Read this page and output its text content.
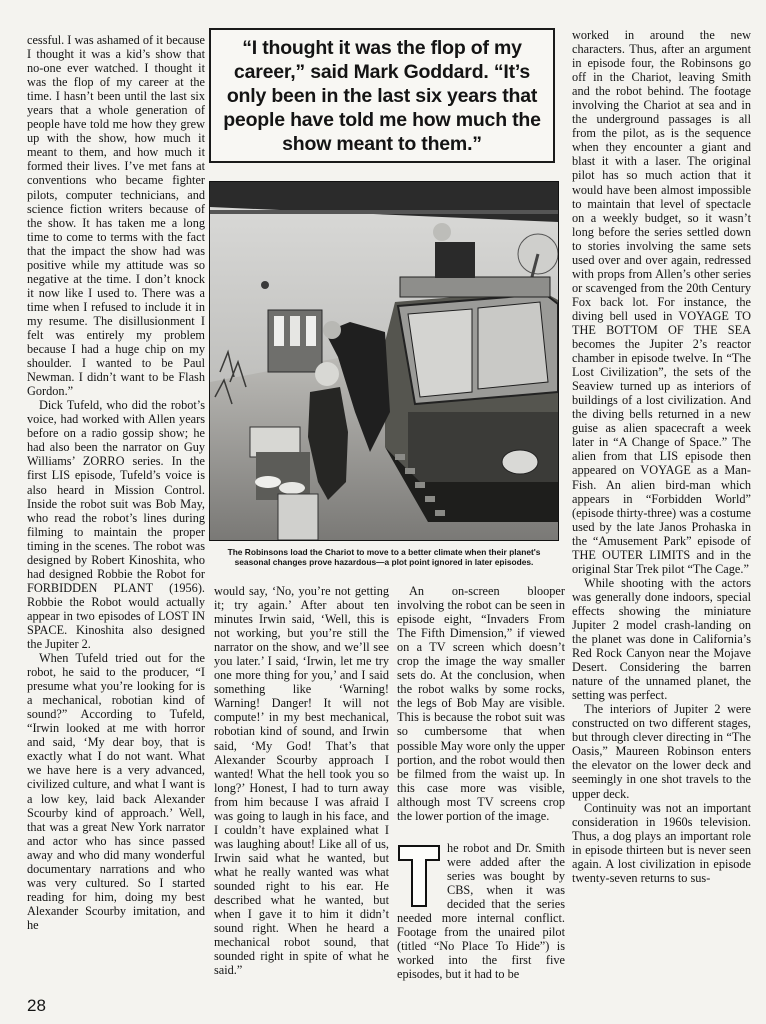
cessful. I was ashamed of it because I thought it was a kid’s show that no-one ever watched. I thought it was the flop of my career at the time. I hasn’t been until the last six years that a whole generation of people have told me how they grew up with the show, how much it meant to them, and how much it formed their lives. I’ve met fans at conventions who became fighter pilots, computer technicians, and science fiction writers because of the show. It has taken me a long time to come to terms with the fact that the impact the show had was positive while my attitude was so negative at the time. I don’t knock it now like I used to. There was a time when I refused to include it in my resume. The disillusionment I felt was entirely my problem because I had a huge chip on my shoulder. I wanted to be Paul Newman. I didn’t want to be Flash Gordon.”

Dick Tufeld, who did the robot’s voice, had worked with Allen years before on a radio gossip show; he had also been the narrator on Guy Williams’ ZORRO series. In the first LIS episode, Tufeld’s voice is also heard in Mission Control. Inside the robot suit was Bob May, who read the robot’s lines during filming to maintain the proper timing in the scenes. The robot was designed by Robert Kinoshita, who had designed Robbie the Robot for FORBIDDEN PLANT (1956). Robbie the Robot would actually appear in two episodes of LOST IN SPACE. Kinoshita also designed the Jupiter 2.

When Tufeld tried out for the robot, he said to the producer, “I presume what you’re looking for is a mechanical, robotian kind of sound?” According to Tufeld, “Irwin looked at me with horror and said, ‘My dear boy, that is exactly what I do not want. What we have here is a very advanced, civilized culture, and what I want is a low key, laid back Alexander Scourby kind of approach.’ Well, that was a great New York narrator and actor who has since passed away and who did many wonderful documentary narrations and who was very cultured. So I started reading for him, doing my best Alexander Scourby imitation, and he

“I thought it was the flop of my career,” said Mark Goddard. “It’s only been in the last six years that people have told me how much the show meant to them.”
The Robinsons load the Chariot to move to a better climate when their planet's seasonal changes prove hazardous—a plot point ignored in later episodes.

would say, ‘No, you’re not getting it; try again.’ After about ten minutes Irwin said, ‘Well, this is not working, but you’re still the narrator on the show, and we’ll see you later.’ I said, ‘Irwin, let me try one more thing for you,’ and I said something like ‘Warning! Warning! Danger! It will not compute!’ in my best mechanical, robotian kind of sound, and Irwin said, ‘My God! That’s that Alexander Scourby approach I wanted! What the hell took you so long?’ Honest, I had to turn away from him because I was afraid I was going to laugh in his face, and I couldn’t have explained what I was laughing about! Like all of us, Irwin said what he wanted, but what he really wanted was what sounded right to his ear. He described what he wanted, but when I gave it to him it didn’t sound right. When he heard a mechanical robot sound, that sounded right in spite of what he said.”

An on-screen blooper involving the robot can be seen in episode eight, “Invaders From The Fifth Dimension,” if viewed on a TV screen which doesn’t crop the image the way smaller sets do. At the conclusion, when the robot walks by some rocks, the legs of Bob May are visible. This is because the robot suit was so cumbersome that when possible May wore only the upper portion, and the robot would then be filmed from the waist up. In this case more was visible, although most TV screens crop the lower portion of the image.

T	he robot and Dr. Smith were added after the series was bought by CBS, when it was decided that the series needed more internal conflict. Footage from the unaired pilot (titled “No Place To Hide”) is worked into the first five episodes, but it had to be

worked in around the new characters. Thus, after an argument in episode four, the Robinsons go off in the Chariot, leaving Smith and the robot behind. The footage involving the Chariot at sea and in the underground passages is all from the pilot, as is the sequence when they encounter a giant and blast it with a laser. The original pilot has so much action that it would have been almost impossible to maintain that level of spectacle on a weekly budget, so it wasn’t long before the series settled down to stories involving the same sets used over and over again, redressed with props from Allen’s other series or scavenged from the 20th Century Fox back lot. For instance, the diving bell used in VOYAGE TO THE BOTTOM OF THE SEA becomes the Jupiter 2’s reactor chamber in episode twelve. In “The Lost Civilization”, the sets of the Seaview turned up as interiors of buildings of a lost civilization. And the diving bells returned in a new guise as alien spacecraft a week later in “A Change of Space.” The alien from that LIS episode then appeared on VOYAGE as a Man-Fish. An alien bird-man which appears in “Forbidden World” (episode thirty-three) was a costume used by the late Janos Prohaska in the “Amusement Park” episode of THE OUTER LIMITS and in the original Star Trek pilot “The Cage.”

While shooting with the actors was generally done indoors, special effects showing the miniature Jupiter 2 model crash-landing on the planet was done in California’s Red Rock Canyon near the Mojave Desert. Considering the barren nature of the unnamed planet, the setting was perfect.

The interiors of Jupiter 2 were constructed on two different stages, but through clever directing in “The Oasis,” Maureen Robinson enters the elevator on the lower deck and seemingly in one shot travels to the upper deck.

Continuity was not an important consideration in 1960s television. Thus, a dog plays an important role in episode thirteen but is never seen again. A lost civilization in episode twenty-seven returns to sus-

28
